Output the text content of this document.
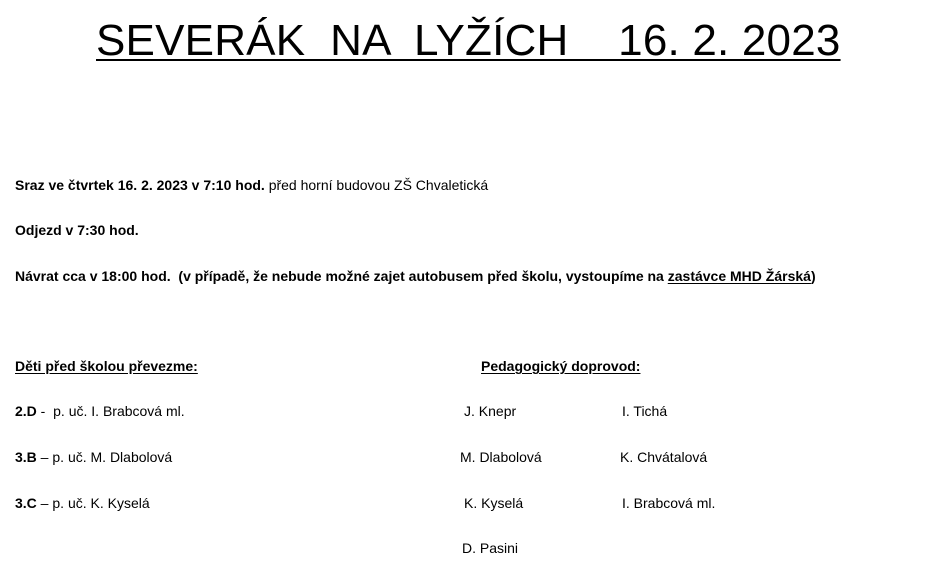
SEVERÁK  NA  LYŽÍCH    16. 2. 2023
Sraz ve čtvrtek 16. 2. 2023 v 7:10 hod. před horní budovou ZŠ Chvaletická
Odjezd v 7:30 hod.
Návrat cca v 18:00 hod.  (v případě, že nebude možné zajet autobusem před školu, vystoupíme na zastávce MHD Žárská)
Děti před školou převezme:
2.D -  p. uč. I. Brabcová ml.
3.B – p. uč. M. Dlabolová
3.C – p. uč. K. Kyselá
Pedagogický doprovod:
J. Knepr
M. Dlabolová
K. Kyselá
D. Pasini
I. Tichá
K. Chvátalová
I. Brabcová ml.
